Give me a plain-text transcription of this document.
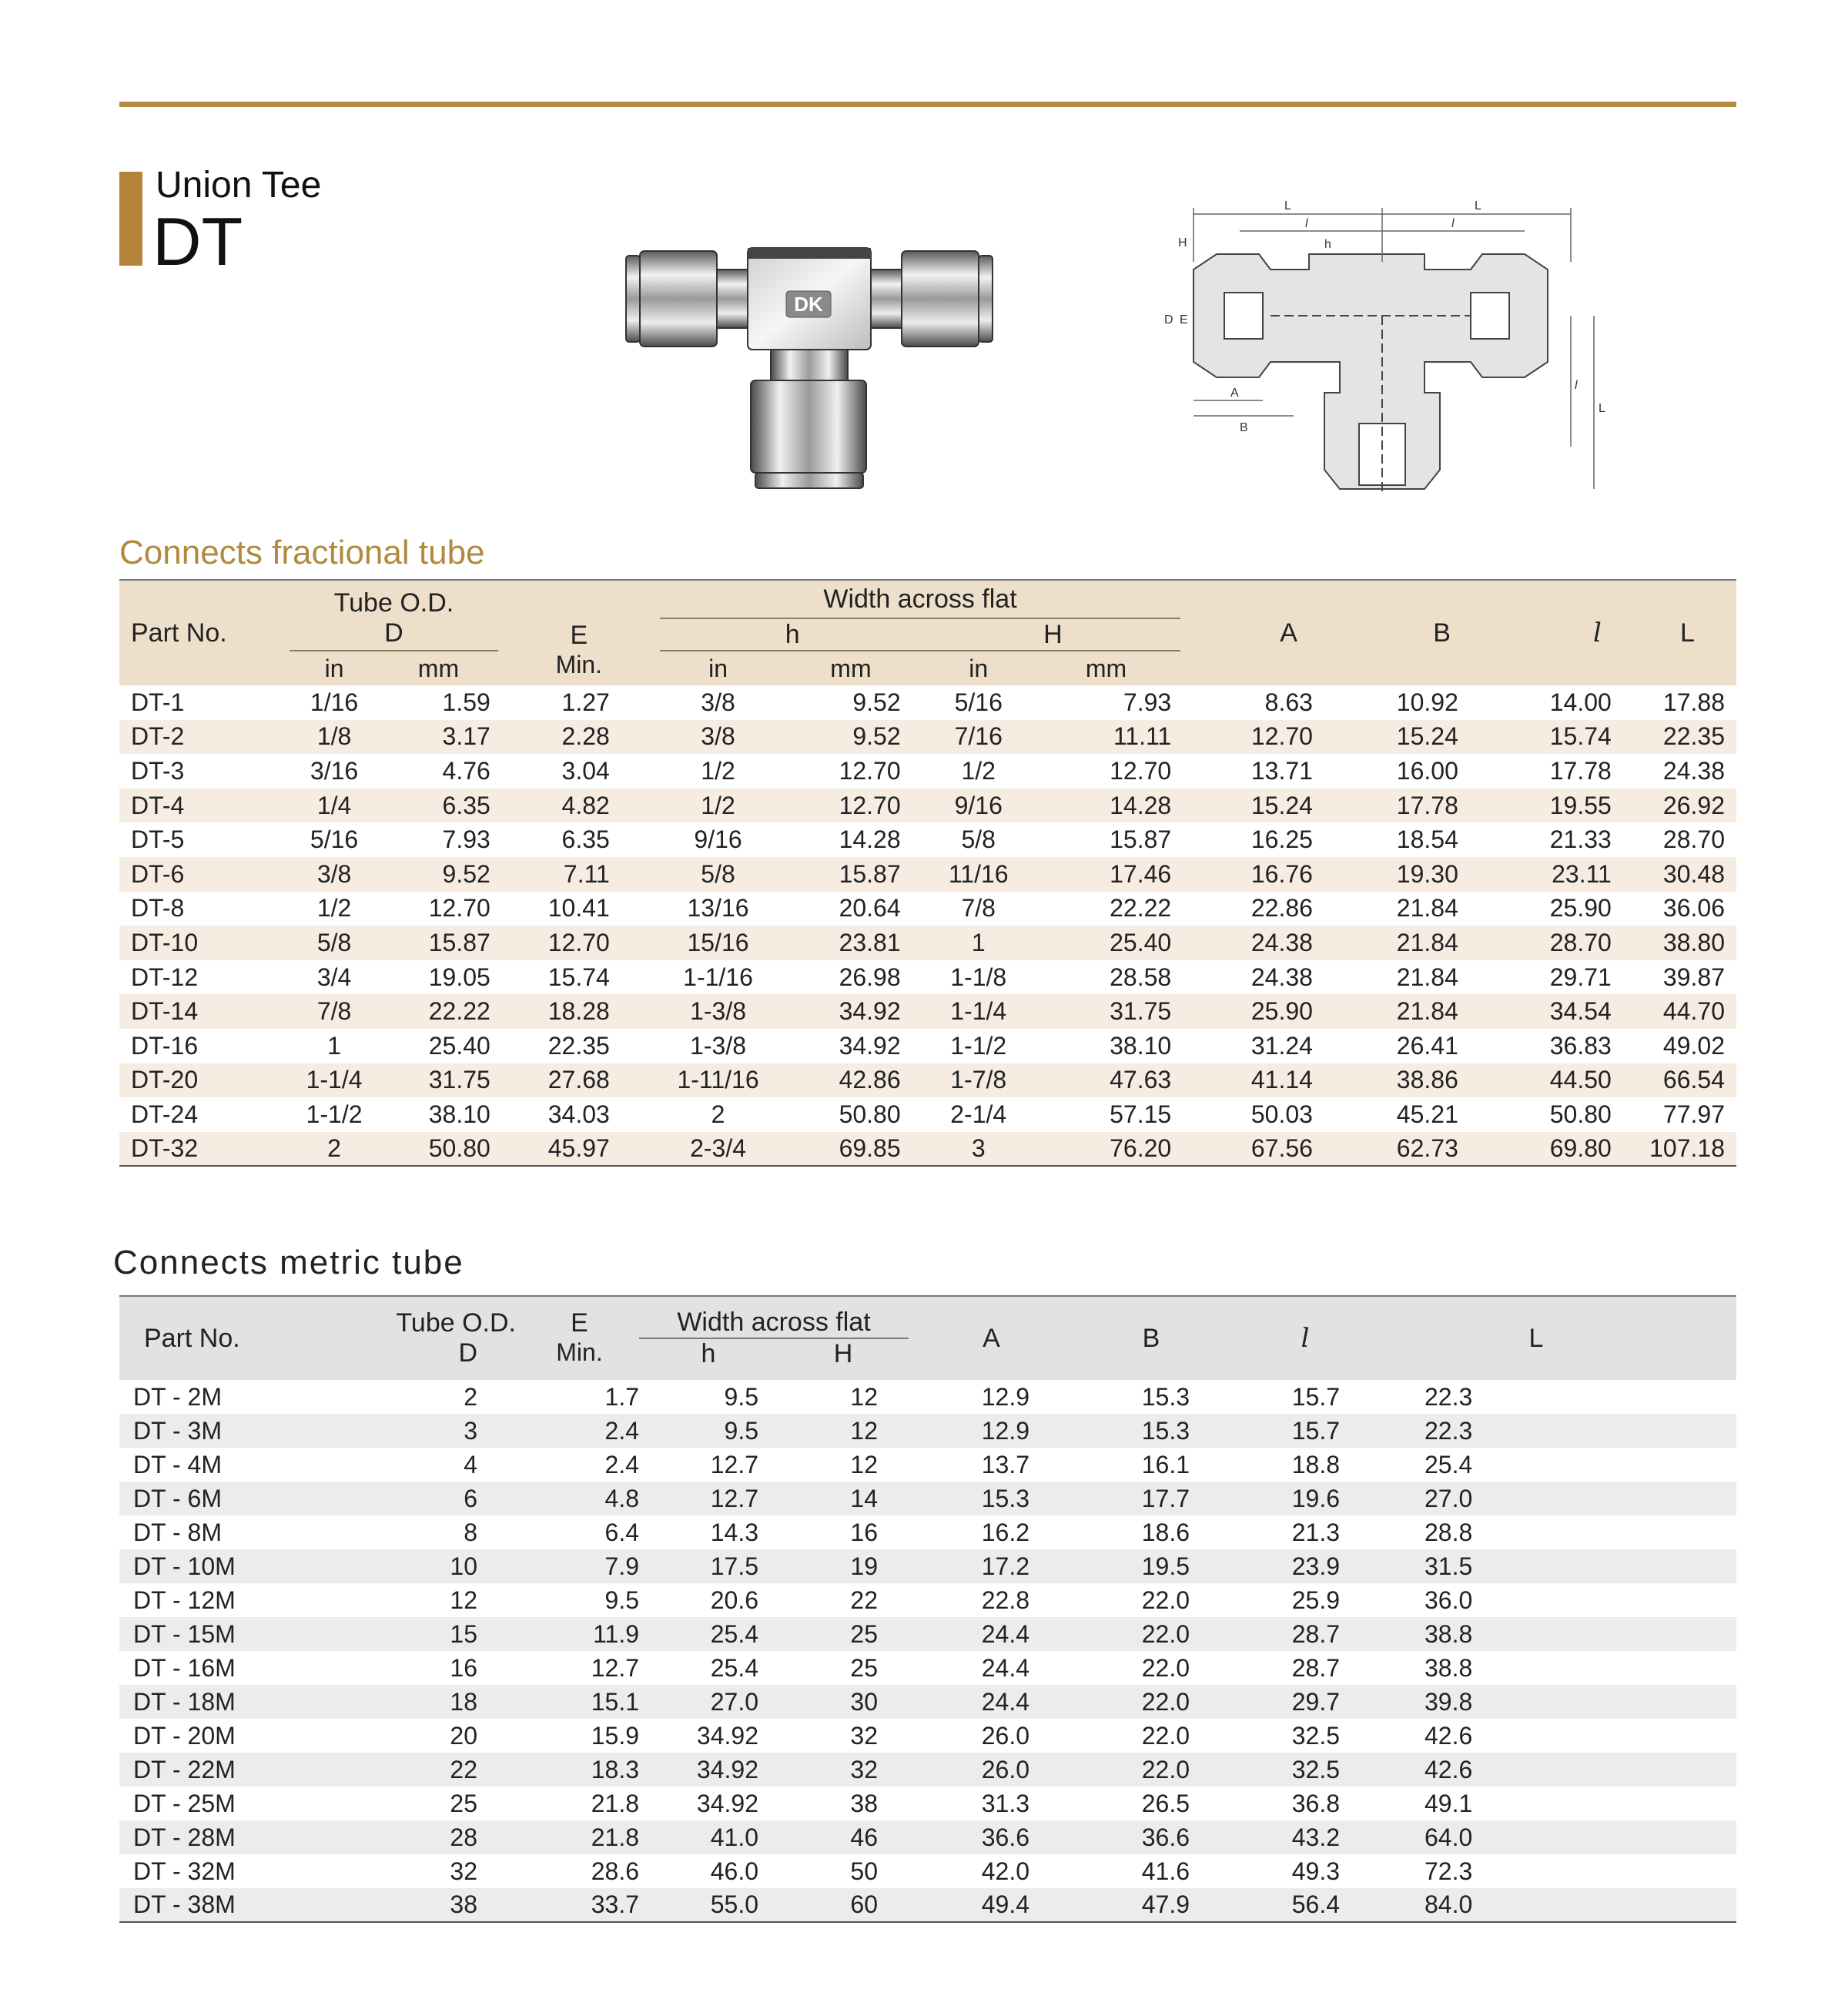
Union Tee
DT
DK
L	L
l	l
H	h
D E
A
B
l
L
Connects fractional tube
Part No.	Tube O.D.		E	Width across flat				A	B	l	L
	D			h		H					
	in	mm	Min.	in	mm	in	mm				
DT-1	1/16	1.59	1.27	3/8	9.52	5/16	7.93	8.63	10.92	14.00	17.88
DT-2	1/8	3.17	2.28	3/8	9.52	7/16	11.11	12.70	15.24	15.74	22.35
DT-3	3/16	4.76	3.04	1/2	12.70	1/2	12.70	13.71	16.00	17.78	24.38
DT-4	1/4	6.35	4.82	1/2	12.70	9/16	14.28	15.24	17.78	19.55	26.92
DT-5	5/16	7.93	6.35	9/16	14.28	5/8	15.87	16.25	18.54	21.33	28.70
DT-6	3/8	9.52	7.11	5/8	15.87	11/16	17.46	16.76	19.30	23.11	30.48
DT-8	1/2	12.70	10.41	13/16	20.64	7/8	22.22	22.86	21.84	25.90	36.06
DT-10	5/8	15.87	12.70	15/16	23.81	1	25.40	24.38	21.84	28.70	38.80
DT-12	3/4	19.05	15.74	1-1/16	26.98	1-1/8	28.58	24.38	21.84	29.71	39.87
DT-14	7/8	22.22	18.28	1-3/8	34.92	1-1/4	31.75	25.90	21.84	34.54	44.70
DT-16	1	25.40	22.35	1-3/8	34.92	1-1/2	38.10	31.24	26.41	36.83	49.02
DT-20	1-1/4	31.75	27.68	1-11/16	42.86	1-7/8	47.63	41.14	38.86	44.50	66.54
DT-24	1-1/2	38.10	34.03	2	50.80	2-1/4	57.15	50.03	45.21	50.80	77.97
DT-32	2	50.80	45.97	2-3/4	69.85	3	76.20	67.56	62.73	69.80	107.18
Connects metric tube
Part No.	Tube O.D.	E	Width across flat		A	B	l	L
	D	Min.	h	H				
DT - 2M	2	1.7	9.5	12	12.9	15.3	15.7	22.3
DT - 3M	3	2.4	9.5	12	12.9	15.3	15.7	22.3
DT - 4M	4	2.4	12.7	12	13.7	16.1	18.8	25.4
DT - 6M	6	4.8	12.7	14	15.3	17.7	19.6	27.0
DT - 8M	8	6.4	14.3	16	16.2	18.6	21.3	28.8
DT - 10M	10	7.9	17.5	19	17.2	19.5	23.9	31.5
DT - 12M	12	9.5	20.6	22	22.8	22.0	25.9	36.0
DT - 15M	15	11.9	25.4	25	24.4	22.0	28.7	38.8
DT - 16M	16	12.7	25.4	25	24.4	22.0	28.7	38.8
DT - 18M	18	15.1	27.0	30	24.4	22.0	29.7	39.8
DT - 20M	20	15.9	34.92	32	26.0	22.0	32.5	42.6
DT - 22M	22	18.3	34.92	32	26.0	22.0	32.5	42.6
DT - 25M	25	21.8	34.92	38	31.3	26.5	36.8	49.1
DT - 28M	28	21.8	41.0	46	36.6	36.6	43.2	64.0
DT - 32M	32	28.6	46.0	50	42.0	41.6	49.3	72.3
DT - 38M	38	33.7	55.0	60	49.4	47.9	56.4	84.0
